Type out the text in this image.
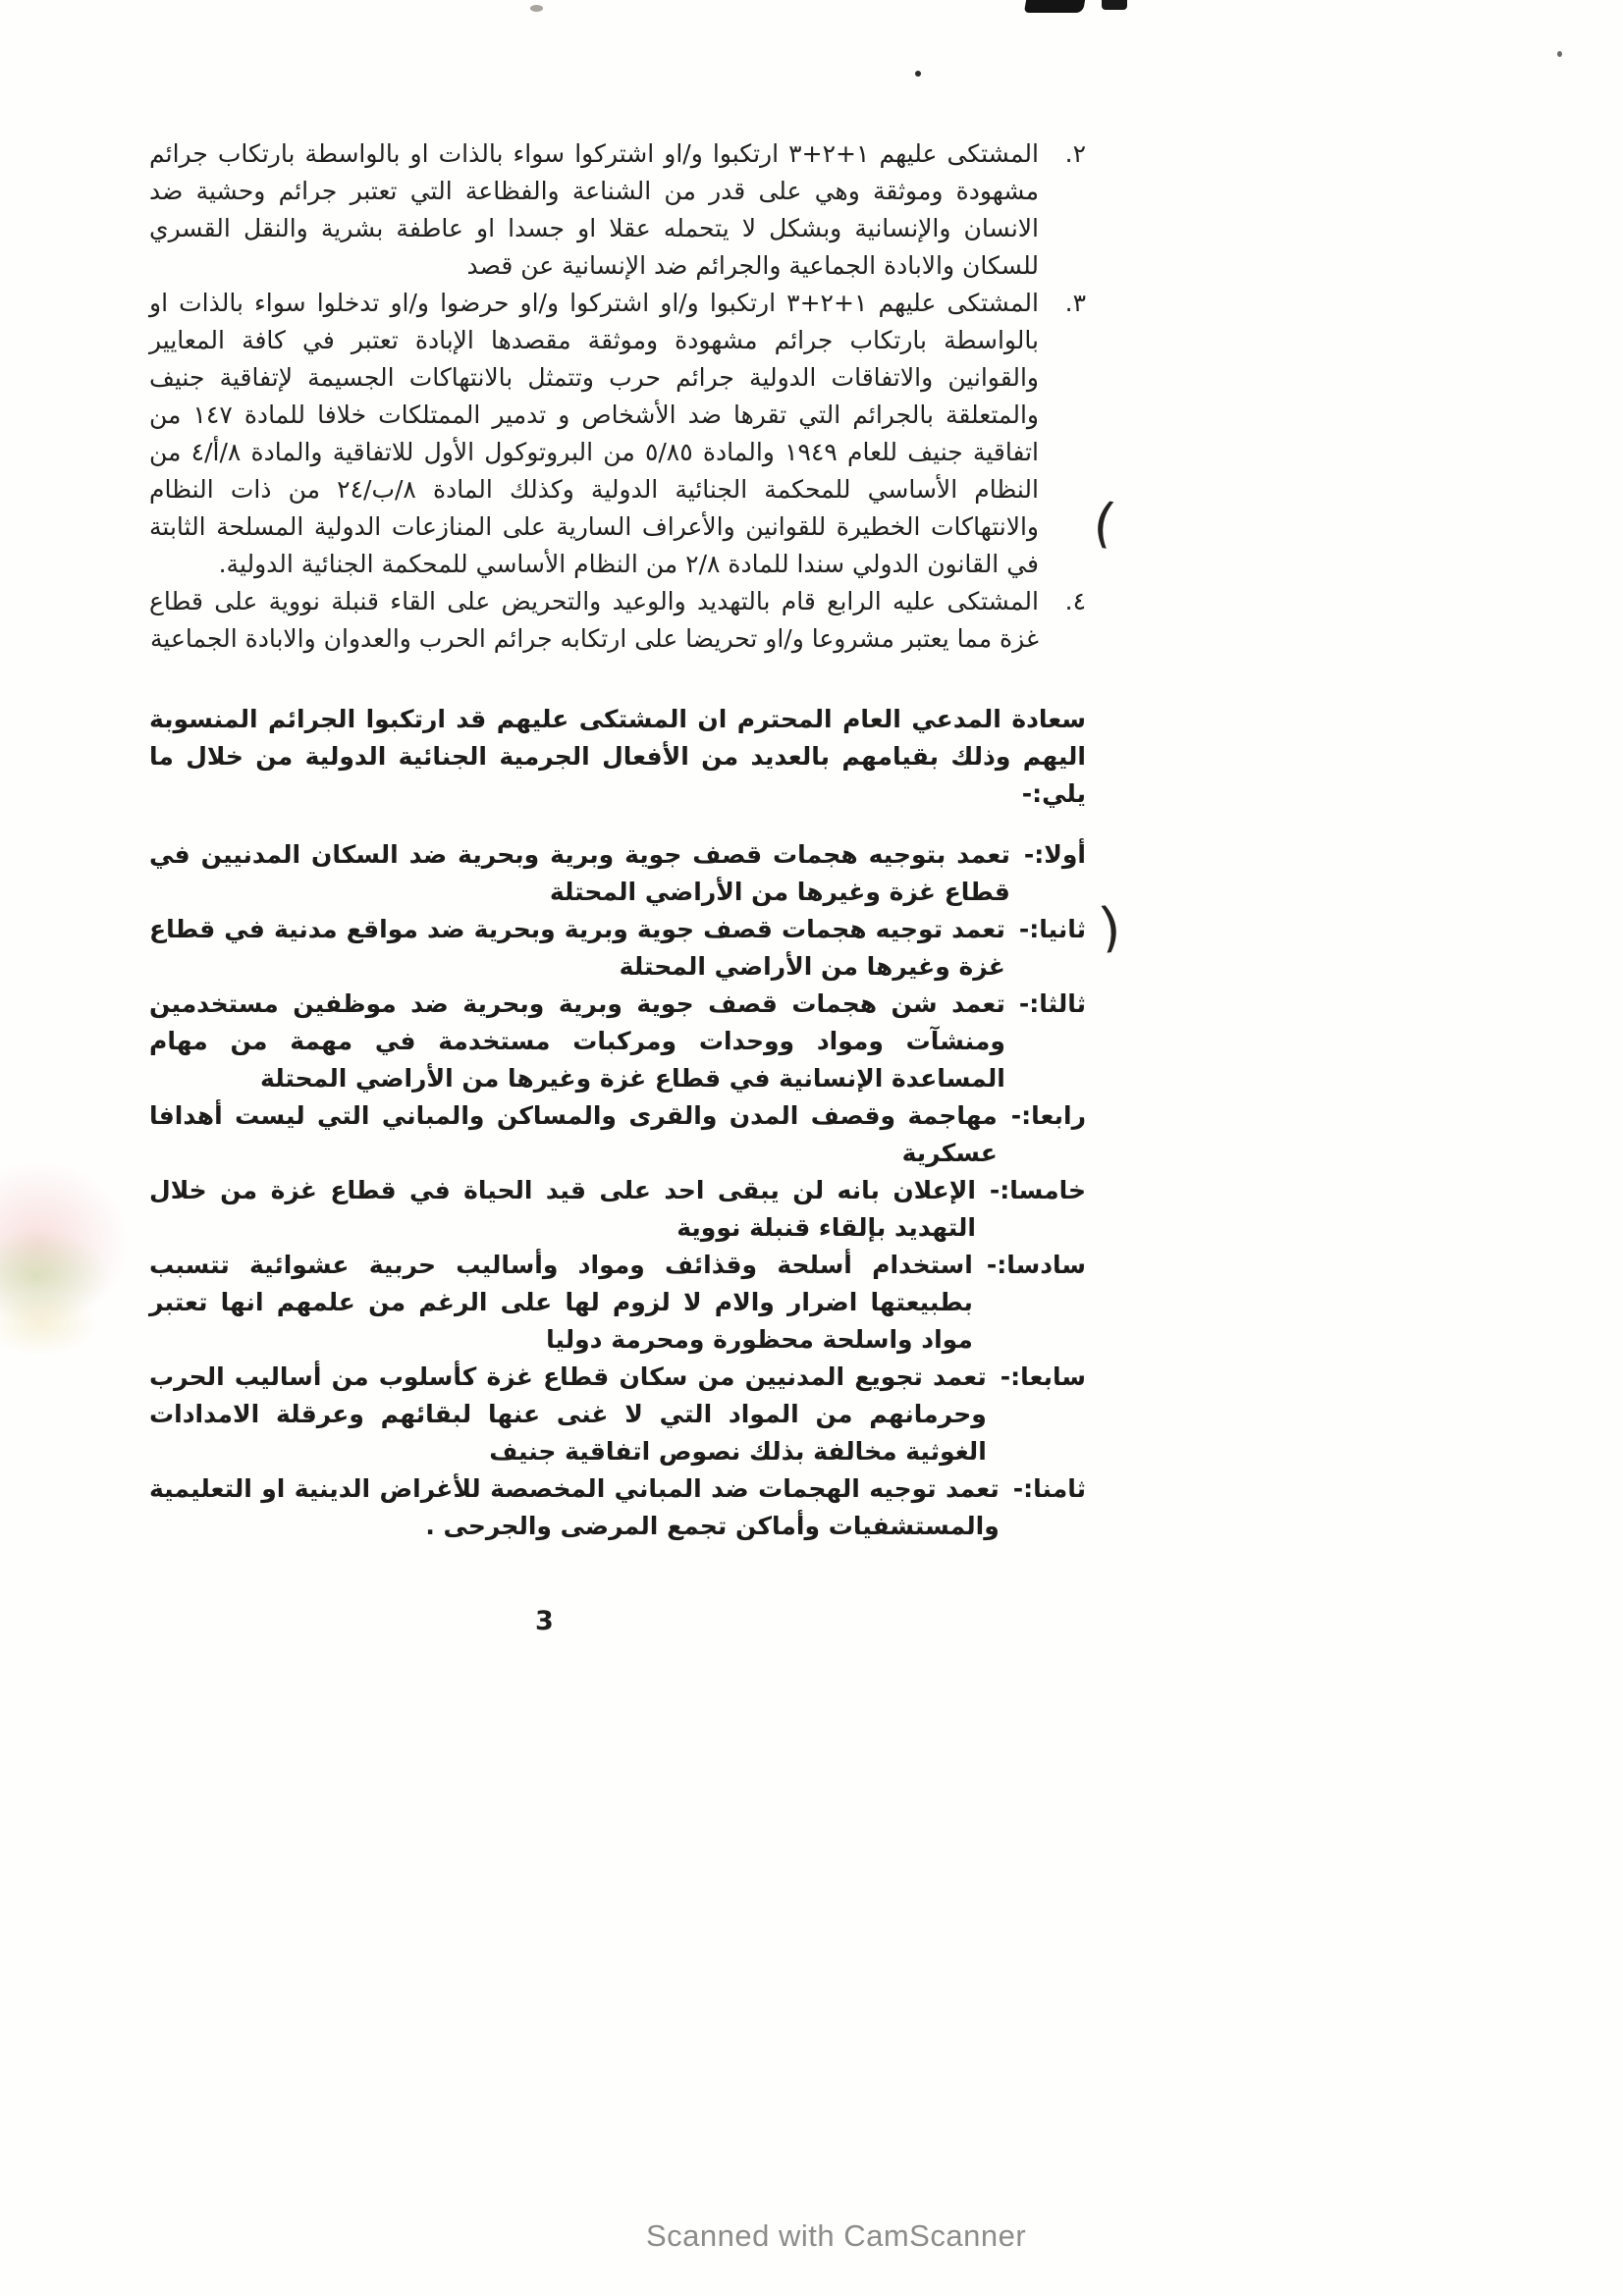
٢.
المشتكى عليهم ١+٢+٣ ارتكبوا و/او اشتركوا سواء بالذات او بالواسطة بارتكاب جرائم مشهودة وموثقة وهي على قدر من الشناعة والفظاعة التي تعتبر جرائم وحشية ضد الانسان والإنسانية وبشكل لا يتحمله عقلا او جسدا او عاطفة بشرية والنقل القسري للسكان والابادة الجماعية والجرائم ضد الإنسانية عن قصد
٣.
المشتكى عليهم ١+٢+٣ ارتكبوا و/او اشتركوا و/او حرضوا و/او تدخلوا سواء بالذات او بالواسطة بارتكاب جرائم مشهودة وموثقة مقصدها الإبادة تعتبر في كافة المعايير والقوانين والاتفاقات الدولية جرائم حرب وتتمثل بالانتهاكات الجسيمة لإتفاقية جنيف والمتعلقة بالجرائم التي تقرها ضد الأشخاص و تدمير الممتلكات خلافا للمادة ١٤٧ من اتفاقية جنيف للعام ١٩٤٩ والمادة ٥/٨٥ من البروتوكول الأول للاتفاقية والمادة ٨/أ/٤ من النظام الأساسي للمحكمة الجنائية الدولية وكذلك المادة ٨/ب/٢٤ من ذات النظام والانتهاكات الخطيرة للقوانين والأعراف السارية على المنازعات الدولية المسلحة الثابتة في القانون الدولي سندا للمادة ٢/٨ من النظام الأساسي للمحكمة الجنائية الدولية.
٤.
المشتكى عليه الرابع قام بالتهديد والوعيد والتحريض على القاء قنبلة نووية على قطاع غزة مما يعتبر مشروعا و/او تحريضا على ارتكابه جرائم الحرب والعدوان والابادة الجماعية
سعادة المدعي العام المحترم ان المشتكى عليهم قد ارتكبوا الجرائم المنسوبة اليهم وذلك بقيامهم بالعديد من الأفعال الجرمية الجنائية الدولية من خلال ما يلي:-
أولا:-
تعمد بتوجيه هجمات قصف جوية وبرية وبحرية ضد السكان المدنيين في قطاع غزة وغيرها من الأراضي المحتلة
ثانيا:-
تعمد توجيه هجمات قصف جوية وبرية وبحرية ضد مواقع مدنية في قطاع غزة وغيرها من الأراضي المحتلة
ثالثا:-
تعمد شن هجمات قصف جوية وبرية وبحرية ضد موظفين مستخدمين ومنشآت ومواد ووحدات ومركبات مستخدمة في مهمة من مهام المساعدة الإنسانية في قطاع غزة وغيرها من الأراضي المحتلة
رابعا:-
مهاجمة وقصف المدن والقرى والمساكن والمباني التي ليست أهدافا عسكرية
خامسا:-
الإعلان بانه لن يبقى احد على قيد الحياة في قطاع غزة من خلال التهديد بإلقاء قنبلة نووية
سادسا:-
استخدام أسلحة وقذائف ومواد وأساليب حربية عشوائية تتسبب بطبيعتها اضرار والام لا لزوم لها على الرغم من علمهم انها تعتبر مواد واسلحة محظورة ومحرمة دوليا
سابعا:-
تعمد تجويع المدنيين من سكان قطاع غزة كأسلوب من أساليب الحرب وحرمانهم من المواد التي لا غنى عنها لبقائهم وعرقلة الامدادات الغوثية مخالفة بذلك نصوص اتفاقية جنيف
ثامنا:-
تعمد توجيه الهجمات ضد المباني المخصصة للأغراض الدينية او التعليمية والمستشفيات وأماكن تجمع المرضى والجرحى .
(
)
3
Scanned with CamScanner
